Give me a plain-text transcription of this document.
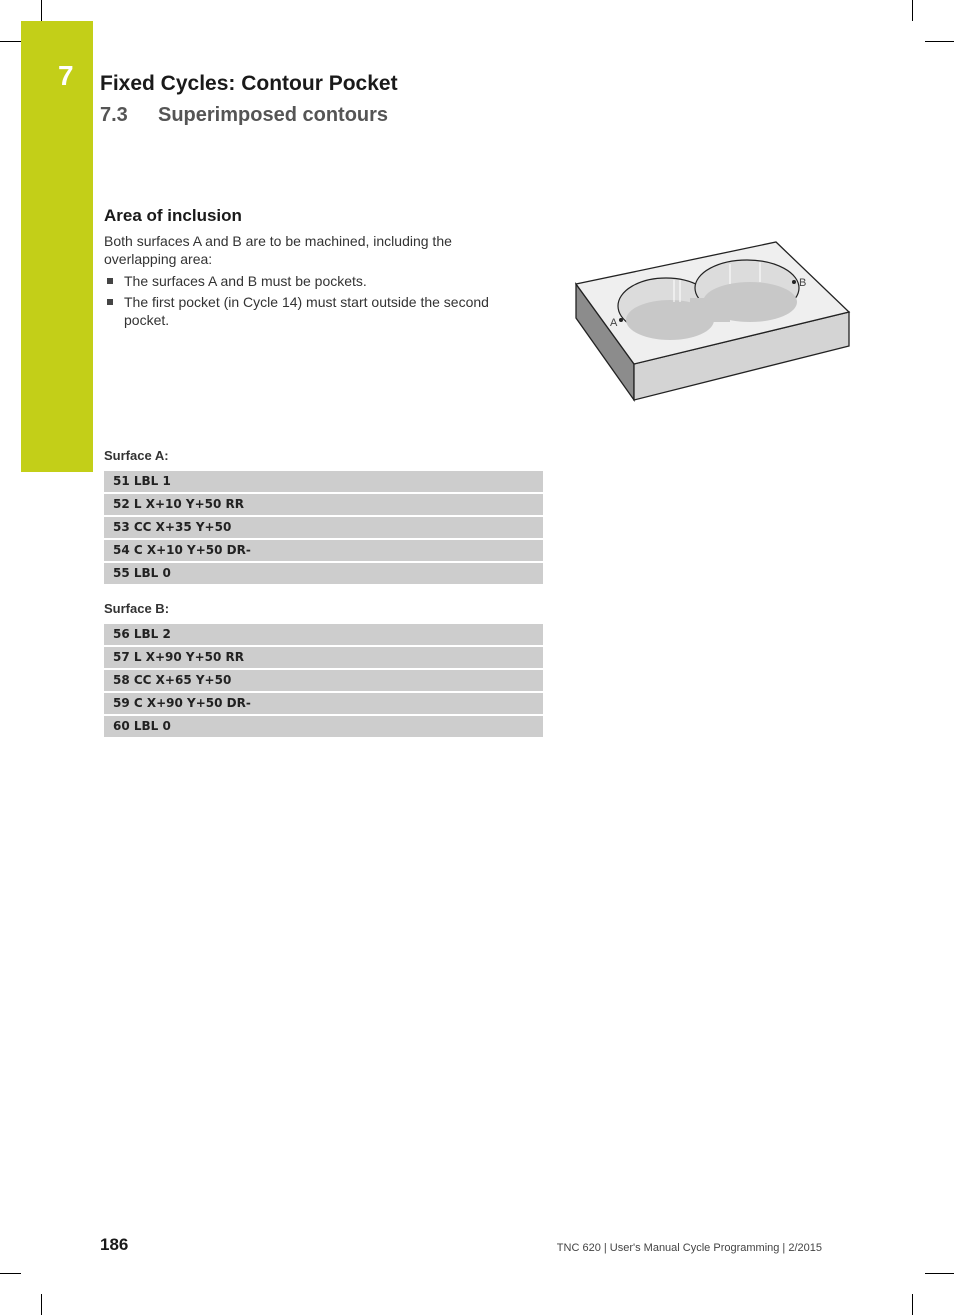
7 Fixed Cycles: Contour Pocket
7.3 Superimposed contours
Area of inclusion
Both surfaces A and B are to be machined, including the overlapping area:
The surfaces A and B must be pockets.
The first pocket (in Cycle 14) must start outside the second pocket.	A
B
Surface A:
51 LBL 1
52 L X+10 Y+50 RR
53 CC X+35 Y+50
54 C X+10 Y+50 DR-
55 LBL 0
Surface B:
56 LBL 2
57 L X+90 Y+50 RR
58 CC X+65 Y+50
59 C X+90 Y+50 DR-
60 LBL 0
186	TNC 620 | User's Manual Cycle Programming | 2/2015
